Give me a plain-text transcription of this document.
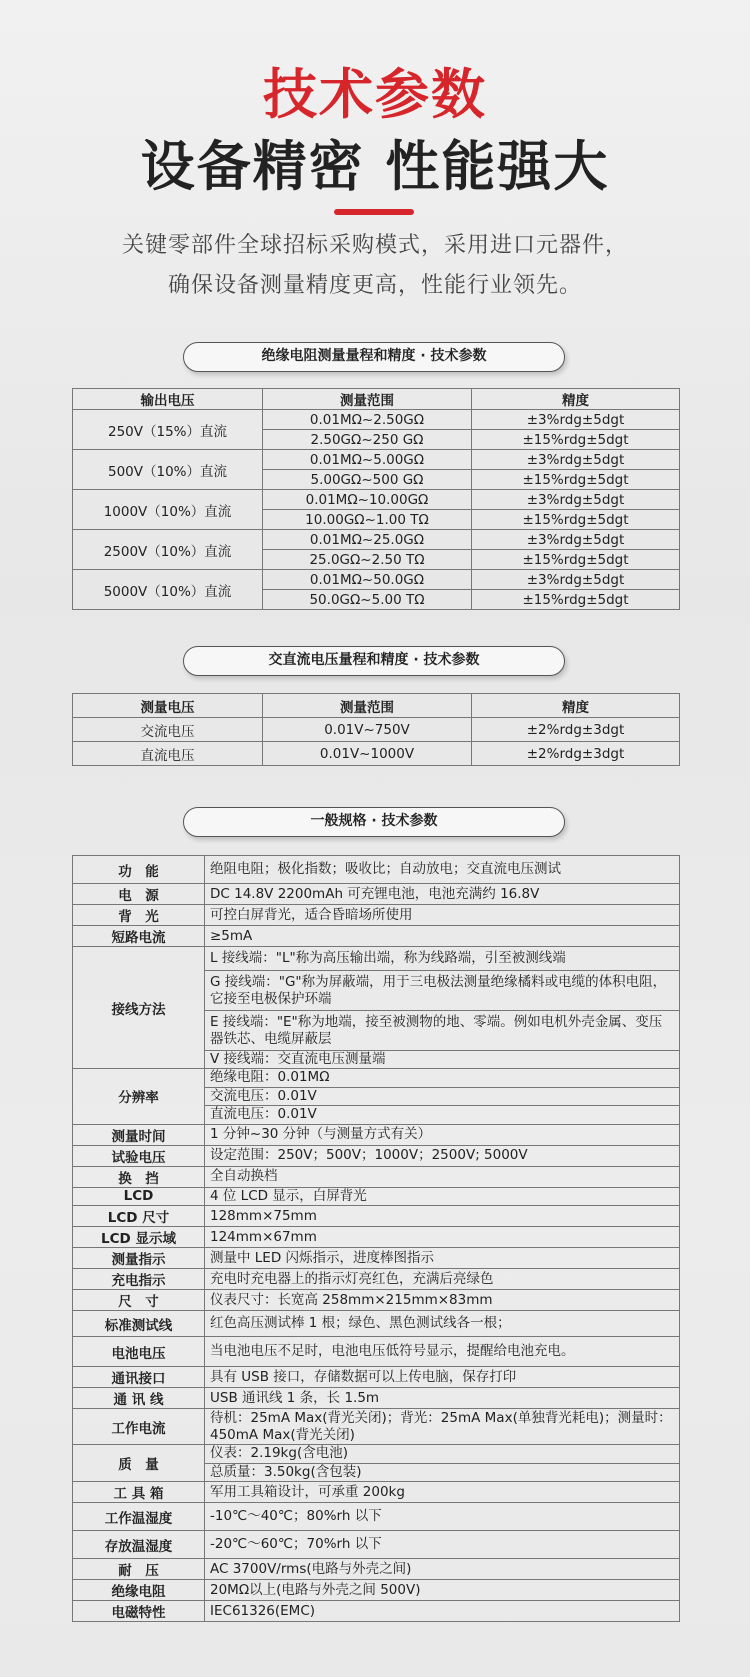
技术参数
设备精密 性能强大
关键零部件全球招标采购模式，采用进口元器件，
确保设备测量精度更高，性能行业领先。
绝缘电阻测量量程和精度 · 技术参数
输出电压	测量范围	精度
250V（15%）直流	0.01MΩ~2.50GΩ	±3%rdg±5dgt
	2.50GΩ~250 GΩ	±15%rdg±5dgt
500V（10%）直流	0.01MΩ~5.00GΩ	±3%rdg±5dgt
	5.00GΩ~500 GΩ	±15%rdg±5dgt
1000V（10%）直流	0.01MΩ~10.00GΩ	±3%rdg±5dgt
	10.00GΩ~1.00 TΩ	±15%rdg±5dgt
2500V（10%）直流	0.01MΩ~25.0GΩ	±3%rdg±5dgt
	25.0GΩ~2.50 TΩ	±15%rdg±5dgt
5000V（10%）直流	0.01MΩ~50.0GΩ	±3%rdg±5dgt
	50.0GΩ~5.00 TΩ	±15%rdg±5dgt
交直流电压量程和精度 · 技术参数
测量电压	测量范围	精度
交流电压	0.01V~750V	±2%rdg±3dgt
直流电压	0.01V~1000V	±2%rdg±3dgt
一般规格 · 技术参数
功　能	绝阻电阻；极化指数；吸收比；自动放电；交直流电压测试
电　源	DC 14.8V 2200mAh 可充锂电池，电池充满约 16.8V
背　光	可控白屏背光，适合昏暗场所使用
短路电流	≥5mA
接线方法	L 接线端："L"称为高压输出端，称为线路端，引至被测线端
	G 接线端："G"称为屏蔽端，用于三电极法测量绝缘橘料或电缆的体积电阻，它接至电极保护环端
	E 接线端："E"称为地端，接至被测物的地、零端。例如电机外壳金属、变压器铁芯、电缆屏蔽层
	V 接线端：交直流电压测量端
分辨率	绝缘电阻：0.01MΩ
	交流电压：0.01V
	直流电压：0.01V
测量时间	1 分钟~30 分钟（与测量方式有关）
试验电压	设定范围：250V；500V；1000V；2500V; 5000V
换　挡	全自动换档
LCD	4 位 LCD 显示，白屏背光
LCD 尺寸	128mm×75mm
LCD 显示域	124mm×67mm
测量指示	测量中 LED 闪烁指示，进度棒图指示
充电指示	充电时充电器上的指示灯亮红色，充满后亮绿色
尺　寸	仪表尺寸：长宽高 258mm×215mm×83mm
标准测试线	红色高压测试棒 1 根；绿色、黑色测试线各一根；
电池电压	当电池电压不足时，电池电压低符号显示，提醒给电池充电。
通讯接口	具有 USB 接口，存储数据可以上传电脑，保存打印
通 讯 线	USB 通讯线 1 条，长 1.5m
工作电流	待机：25mA Max(背光关闭)；背光：25mA Max(单独背光耗电)；测量时：450mA Max(背光关闭)
质　量	仪表：2.19kg(含电池)
	总质量：3.50kg(含包装)
工 具 箱	军用工具箱设计，可承重 200kg
工作温湿度	-10℃～40℃；80%rh 以下
存放温湿度	-20℃～60℃；70%rh 以下
耐　压	AC 3700V/rms(电路与外壳之间)
绝缘电阻	20MΩ以上(电路与外壳之间 500V)
电磁特性	IEC61326(EMC)
